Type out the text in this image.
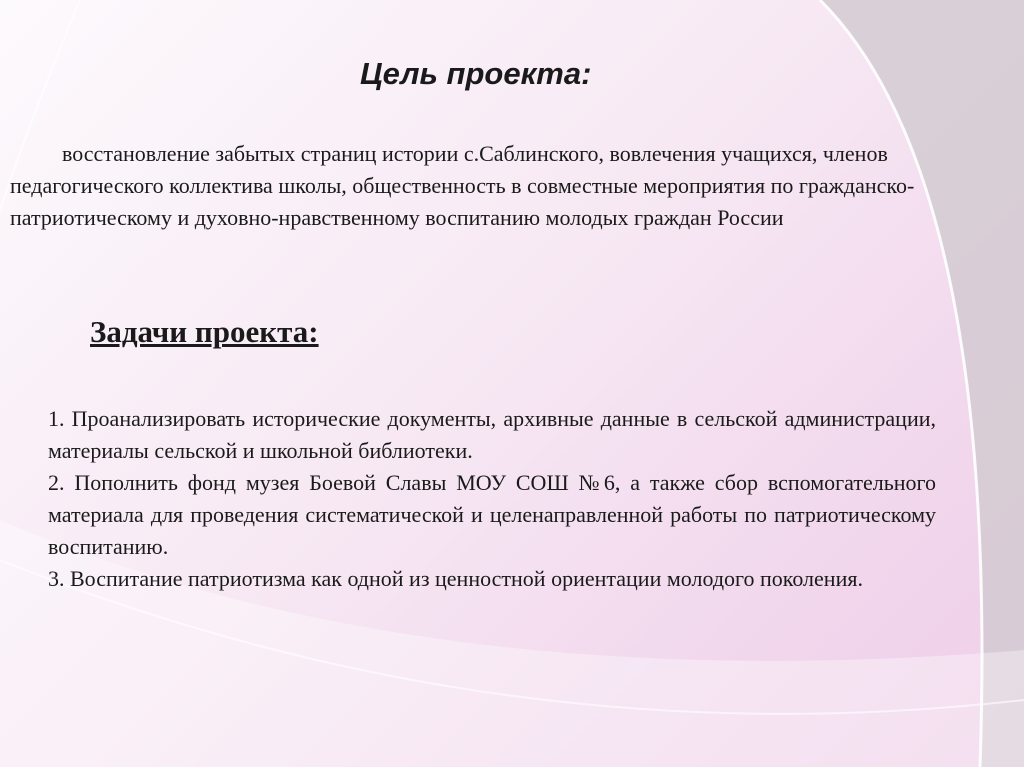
Цель проекта:

восстановление забытых страниц истории с.Саблинского, вовлечения учащихся, членов педагогического коллектива школы, общественность в совместные мероприятия по гражданско-патриотическому и духовно-нравственному воспитанию молодых граждан России

Задачи проекта:
1. Проанализировать исторические документы, архивные данные в сельской администрации, материалы сельской и школьной библиотеки.
2. Пополнить фонд музея Боевой Славы МОУ СОШ №6, а также сбор вспомогательного материала для проведения систематической и целенаправленной работы по патриотическому воспитанию.
3. Воспитание патриотизма как одной из ценностной ориентации молодого поколения.
